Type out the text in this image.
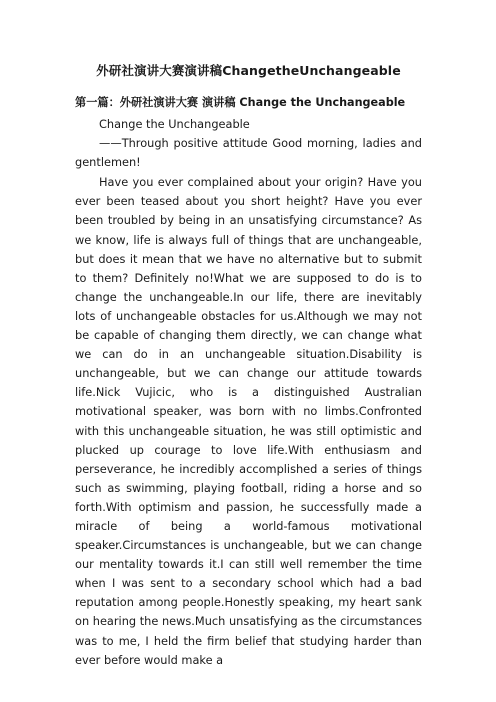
外研社演讲大赛演讲稿ChangetheUnchangeable
第一篇：外研社演讲大赛 演讲稿 Change the Unchangeable

Change the Unchangeable

——Through positive attitude Good morning, ladies and gentlemen!

Have you ever complained about your origin? Have you ever been teased about you short height? Have you ever been troubled by being in an unsatisfying circumstance? As we know, life is always full of things that are unchangeable, but does it mean that we have no alternative but to submit to them? Definitely no!What we are supposed to do is to change the unchangeable.In our life, there are inevitably lots of unchangeable obstacles for us.Although we may not be capable of changing them directly, we can change what we can do in an unchangeable situation.Disability is unchangeable, but we can change our attitude towards life.Nick Vujicic, who is a distinguished Australian motivational speaker, was born with no limbs.Confronted with this unchangeable situation, he was still optimistic and plucked up courage to love life.With enthusiasm and perseverance, he incredibly accomplished a series of things such as swimming, playing football, riding a horse and so forth.With optimism and passion, he successfully made a miracle of being a world-famous motivational speaker.Circumstances is unchangeable, but we can change our mentality towards it.I can still well remember the time when I was sent to a secondary school which had a bad reputation among people.Honestly speaking, my heart sank on hearing the news.Much unsatisfying as the circumstances was to me, I held the firm belief that studying harder than ever before would make a
